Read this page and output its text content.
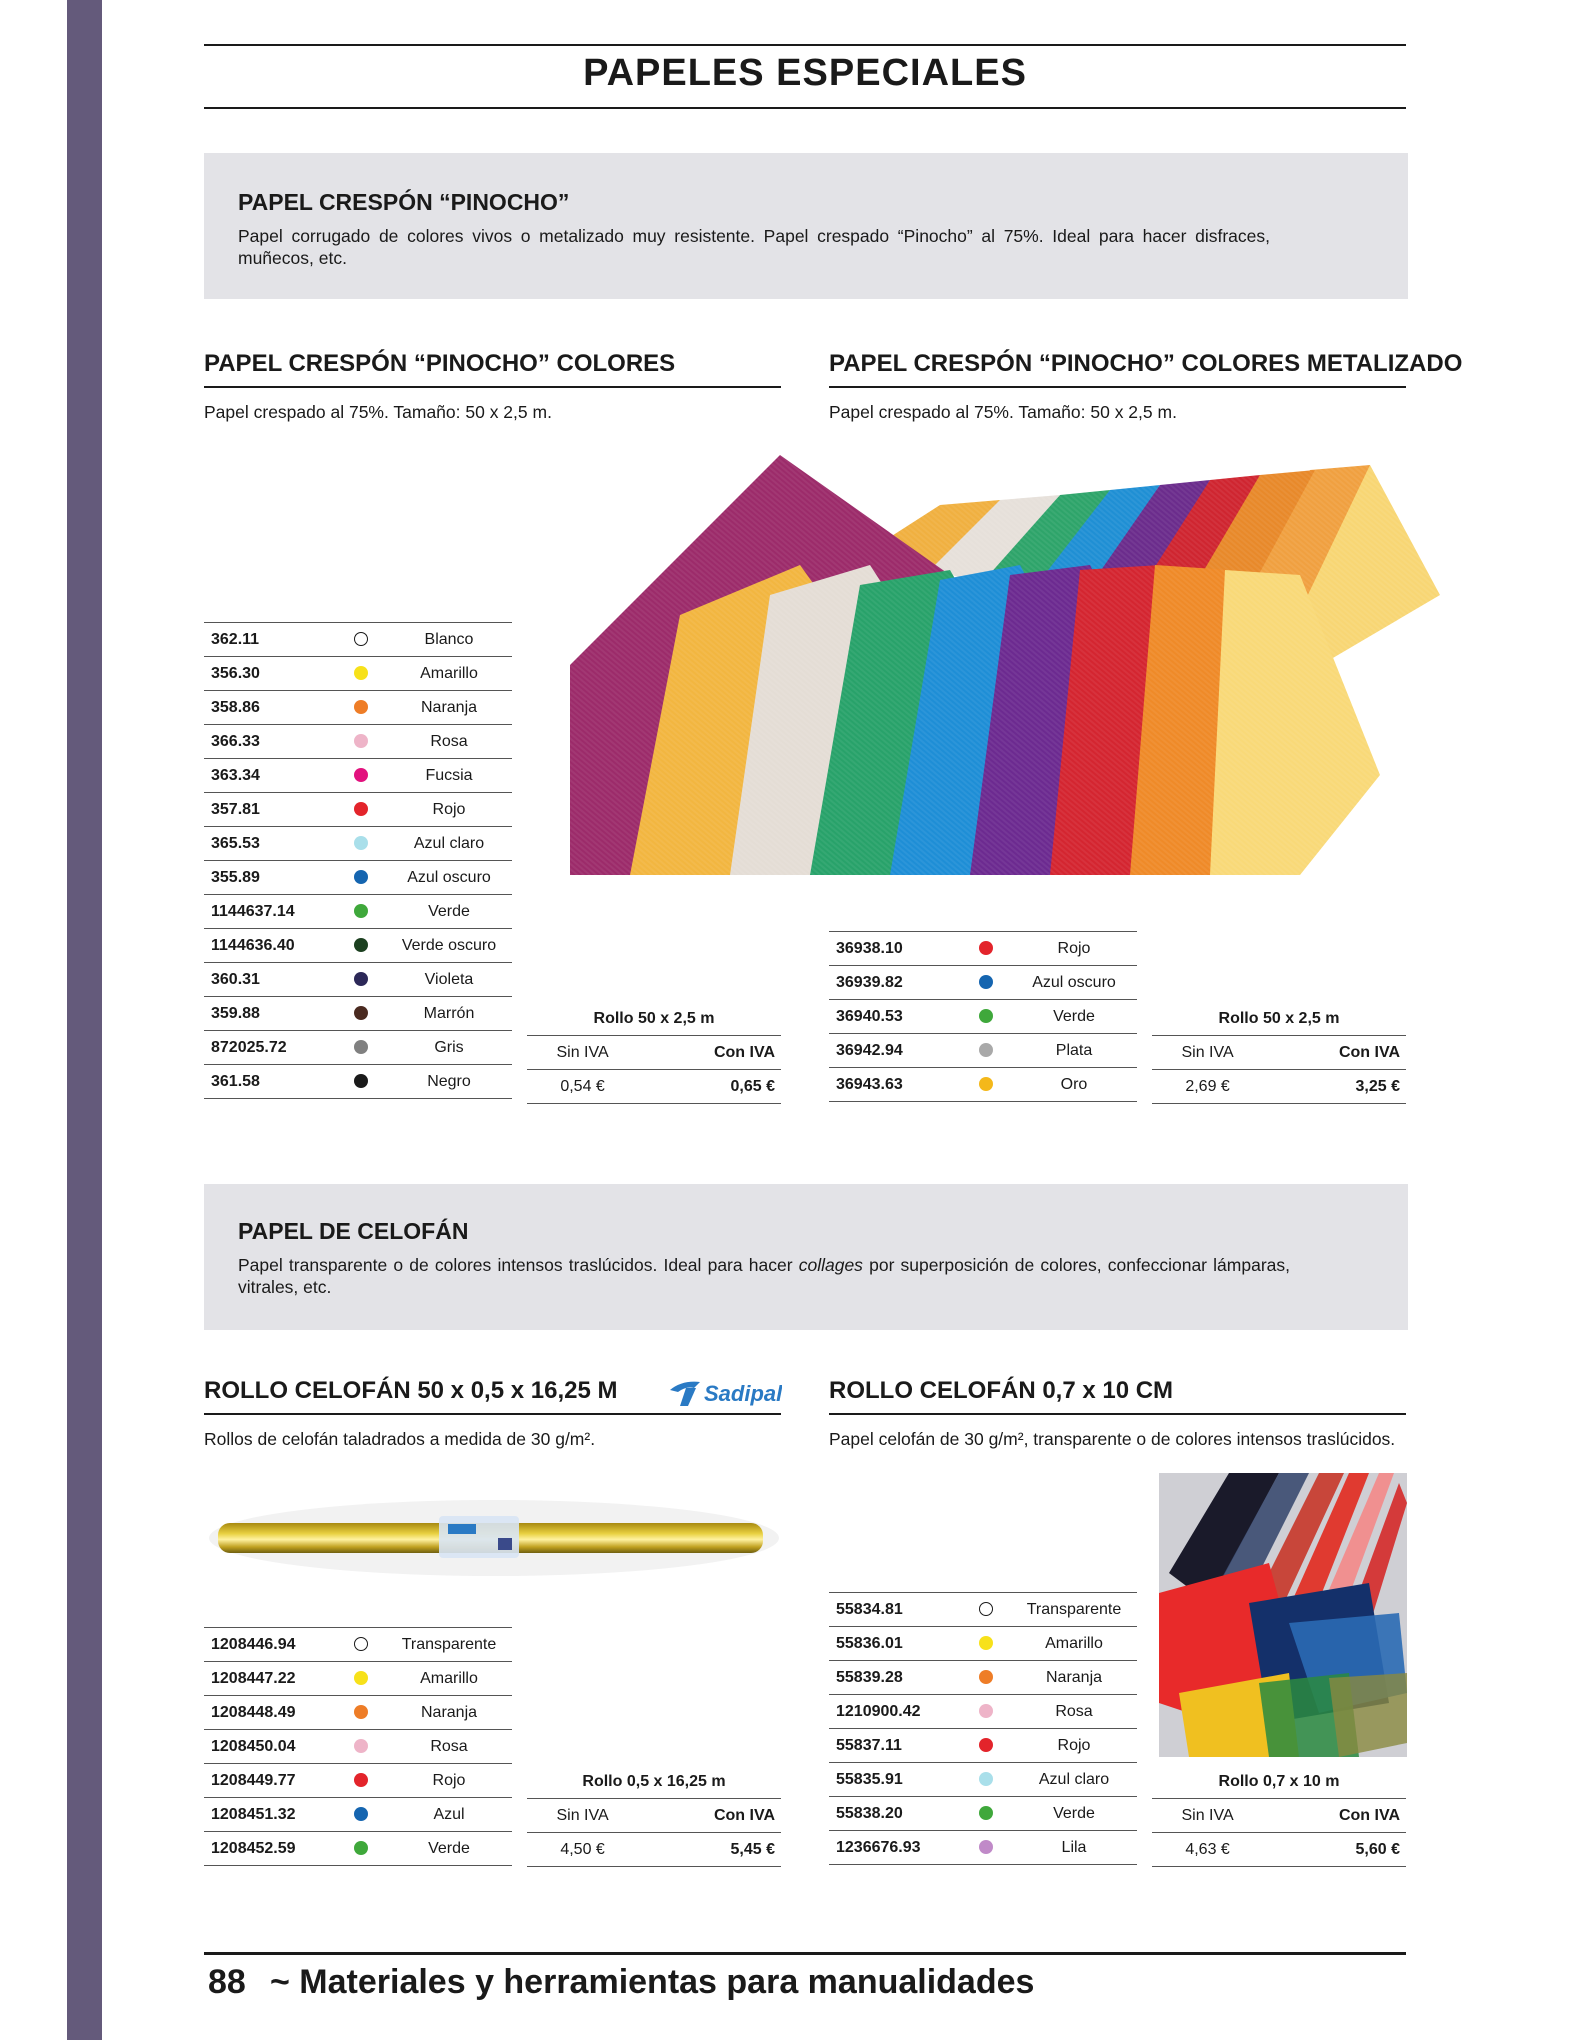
PAPELES ESPECIALES
PAPEL CRESPÓN “PINOCHO”
Papel corrugado de colores vivos o metalizado muy resistente. Papel crespado “Pinocho” al 75%. Ideal para hacer disfraces, muñecos, etc.
PAPEL CRESPÓN “PINOCHO” COLORES
Papel crespado al 75%. Tamaño: 50 x 2,5 m.
PAPEL CRESPÓN “PINOCHO” COLORES METALIZADO
Papel crespado al 75%. Tamaño: 50 x 2,5 m.
362.11		Blanco
356.30		Amarillo
358.86		Naranja
366.33		Rosa
363.34		Fucsia
357.81		Rojo
365.53		Azul claro
355.89		Azul oscuro
1144637.14		Verde
1144636.40		Verde oscuro
360.31		Violeta
359.88		Marrón
872025.72		Gris
361.58		Negro
Rollo 50 x 2,5 m	
Sin IVA	Con IVA
0,54 €	0,65 €
36938.10		Rojo
36939.82		Azul oscuro
36940.53		Verde
36942.94		Plata
36943.63		Oro
Rollo 50 x 2,5 m	
Sin IVA	Con IVA
2,69 €	3,25 €
PAPEL DE CELOFÁN
Papel transparente o de colores intensos traslúcidos. Ideal para hacer collages por superposición de colores, confeccionar lámparas, vitrales, etc.
ROLLO CELOFÁN 50 x 0,5 x 16,25 M	Sadipal
Rollos de celofán taladrados a medida de 30 g/m².
1208446.94		Transparente
1208447.22		Amarillo
1208448.49		Naranja
1208450.04		Rosa
1208449.77		Rojo
1208451.32		Azul
1208452.59		Verde
Rollo 0,5 x 16,25 m	
Sin IVA	Con IVA
4,50 €	5,45 €
ROLLO CELOFÁN 0,7 x 10 CM
Papel celofán de 30 g/m², transparente o de colores intensos traslúcidos.
55834.81		Transparente
55836.01		Amarillo
55839.28		Naranja
1210900.42		Rosa
55837.11		Rojo
55835.91		Azul claro
55838.20		Verde
1236676.93		Lila
Rollo 0,7 x 10 m	
Sin IVA	Con IVA
4,63 €	5,60 €
88 ~ Materiales y herramientas para manualidades
